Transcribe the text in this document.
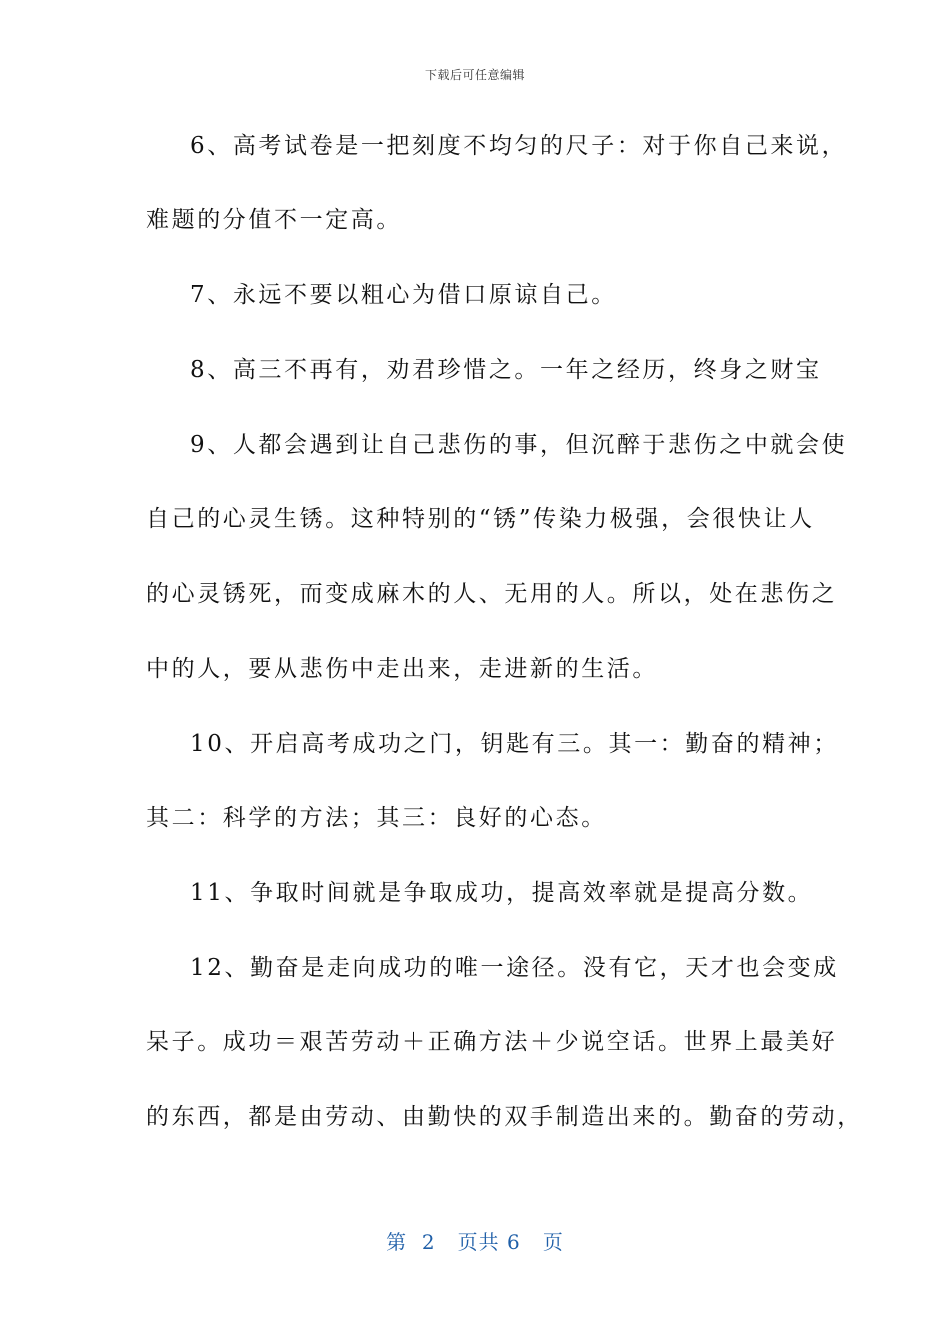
下载后可任意编辑
6、高考试卷是一把刻度不均匀的尺子：对于你自己来说，
难题的分值不一定高。
7、永远不要以粗心为借口原谅自己。
8、高三不再有，劝君珍惜之。一年之经历，终身之财宝
9、人都会遇到让自己悲伤的事，但沉醉于悲伤之中就会使
自己的心灵生锈。这种特别的“锈”传染力极强，会很快让人
的心灵锈死，而变成麻木的人、无用的人。所以，处在悲伤之
中的人，要从悲伤中走出来，走进新的生活。
10、开启高考成功之门，钥匙有三。其一：勤奋的精神；
其二：科学的方法；其三：良好的心态。
11、争取时间就是争取成功，提高效率就是提高分数。
12、勤奋是走向成功的唯一途径。没有它，天才也会变成
呆子。成功＝艰苦劳动＋正确方法＋少说空话。世界上最美好
的东西，都是由劳动、由勤快的双手制造出来的。勤奋的劳动，
第  2   页共 6   页
